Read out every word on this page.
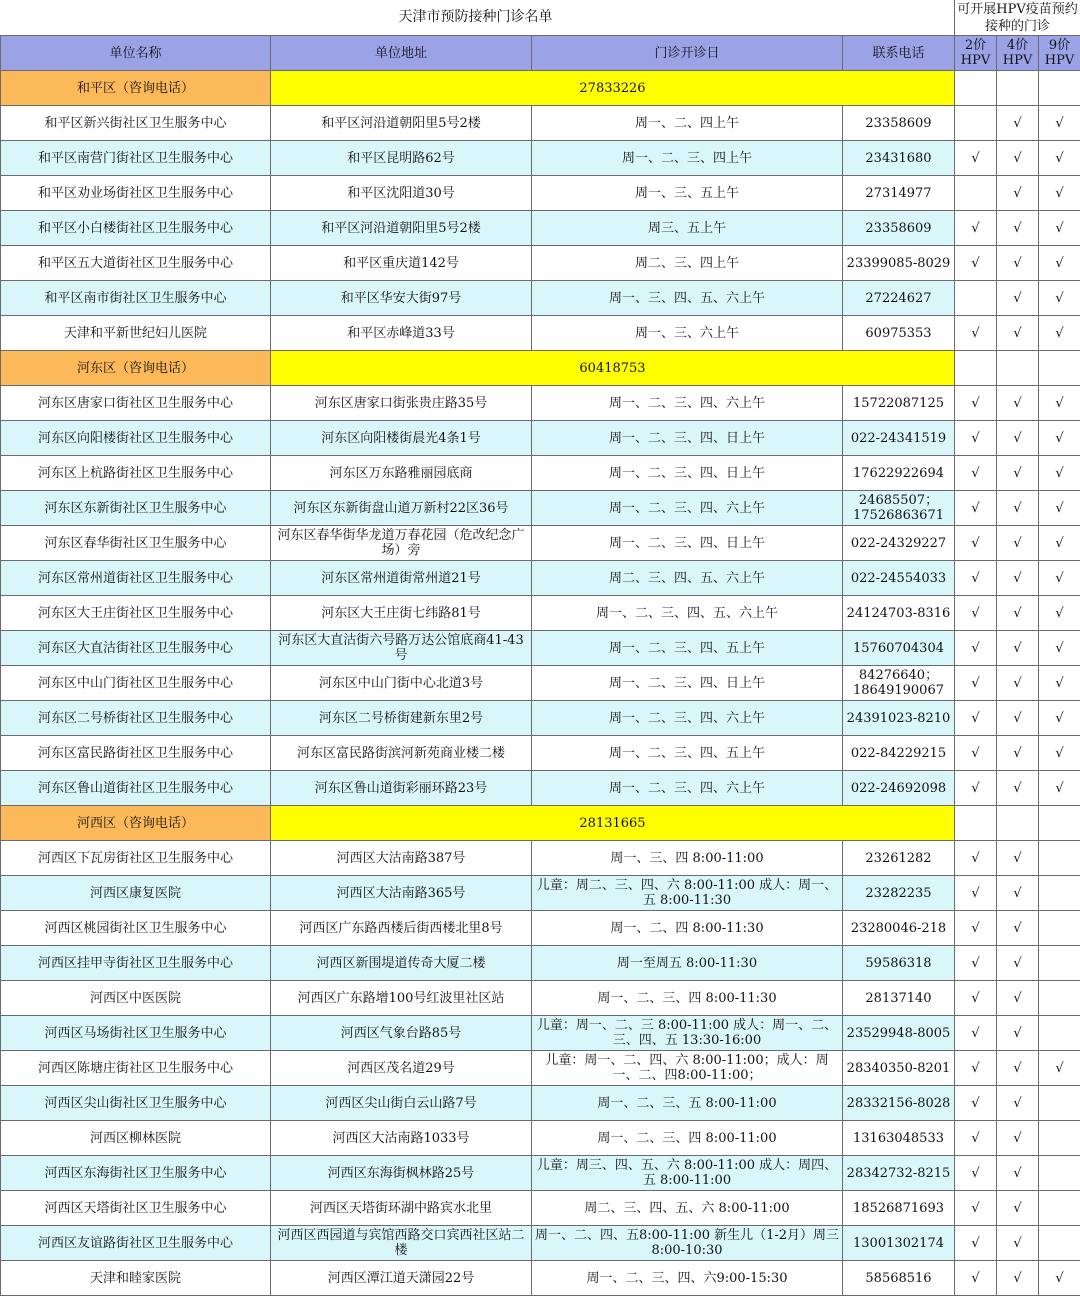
天津市预防接种门诊名单				可开展HPV疫苗预约接种的门诊		
单位名称	单位地址	门诊开诊日	联系电话	2价HPV	4价HPV	9价HPV
和平区（咨询电话）	27833226					
和平区新兴街社区卫生服务中心	和平区河沿道朝阳里5号2楼	周一、二、四上午	23358609		√	√
和平区南营门街社区卫生服务中心	和平区昆明路62号	周一、二、三、四上午	23431680	√	√	√
和平区劝业场街社区卫生服务中心	和平区沈阳道30号	周一、三、五上午	27314977		√	√
和平区小白楼街社区卫生服务中心	和平区河沿道朝阳里5号2楼	周三、五上午	23358609	√	√	√
和平区五大道街社区卫生服务中心	和平区重庆道142号	周二、三、四上午	23399085-8029	√	√	√
和平区南市街社区卫生服务中心	和平区华安大街97号	周一、三、四、五、六上午	27224627		√	√
天津和平新世纪妇儿医院	和平区赤峰道33号	周一、三、六上午	60975353	√	√	√
河东区（咨询电话）	60418753					
河东区唐家口街社区卫生服务中心	河东区唐家口街张贵庄路35号	周一、二、三、四、六上午	15722087125	√	√	√
河东区向阳楼街社区卫生服务中心	河东区向阳楼街晨光4条1号	周一、二、三、四、日上午	022-24341519	√	√	√
河东区上杭路街社区卫生服务中心	河东区万东路雅丽园底商	周一、二、三、四、日上午	17622922694	√	√	√
河东区东新街社区卫生服务中心	河东区东新街盘山道万新村22区36号	周一、二、三、四、六上午	24685507；17526863671	√	√	√
河东区春华街社区卫生服务中心	河东区春华街华龙道万春花园（危改纪念广场）旁	周一、二、三、四、日上午	022-24329227	√	√	√
河东区常州道街社区卫生服务中心	河东区常州道街常州道21号	周二、三、四、五、六上午	022-24554033	√	√	√
河东区大王庄街社区卫生服务中心	河东区大王庄街七纬路81号	周一、二、三、四、五、六上午	24124703-8316	√	√	√
河东区大直沽街社区卫生服务中心	河东区大直沽街六号路万达公馆底商41-43号	周一、二、三、四、五上午	15760704304	√	√	√
河东区中山门街社区卫生服务中心	河东区中山门街中心北道3号	周一、二、三、四、日上午	84276640；18649190067	√	√	√
河东区二号桥街社区卫生服务中心	河东区二号桥街建新东里2号	周一、二、三、四、六上午	24391023-8210	√	√	√
河东区富民路街社区卫生服务中心	河东区富民路街滨河新苑商业楼二楼	周一、二、三、四、五上午	022-84229215	√	√	√
河东区鲁山道街社区卫生服务中心	河东区鲁山道街彩丽环路23号	周一、二、三、四、六上午	022-24692098	√	√	√
河西区（咨询电话）	28131665					
河西区下瓦房街社区卫生服务中心	河西区大沽南路387号	周一、三、四 8:00-11:00	23261282	√	√	
河西区康复医院	河西区大沽南路365号	儿童：周二、三、四、六 8:00-11:00 成人：周一、五 8:00-11:30	23282235	√	√	
河西区桃园街社区卫生服务中心	河西区广东路西楼后街西楼北里8号	周一、二、四 8:00-11:30	23280046-218	√	√	
河西区挂甲寺街社区卫生服务中心	河西区新围堤道传奇大厦二楼	周一至周五 8:00-11:30	59586318	√	√	
河西区中医医院	河西区广东路增100号红波里社区站	周一、二、三、四 8:00-11:30	28137140	√	√	
河西区马场街社区卫生服务中心	河西区气象台路85号	儿童：周一、二、三 8:00-11:00 成人：周一、二、三、四、五 13:30-16:00	23529948-8005	√	√	
河西区陈塘庄街社区卫生服务中心	河西区茂名道29号	儿童：周一、二、四、六 8:00-11:00；成人：周一、二、四8:00-11:00；	28340350-8201	√	√	√
河西区尖山街社区卫生服务中心	河西区尖山街白云山路7号	周一、二、三、五 8:00-11:00	28332156-8028	√	√	
河西区柳林医院	河西区大沽南路1033号	周一、二、三、四 8:00-11:00	13163048533	√	√	
河西区东海街社区卫生服务中心	河西区东海街枫林路25号	儿童：周三、四、五、六 8:00-11:00 成人：周四、五 8:00-11:00	28342732-8215	√	√	
河西区天塔街社区卫生服务中心	河西区天塔街环湖中路宾水北里	周二、三、四、五、六 8:00-11:00	18526871693	√	√	
河西区友谊路街社区卫生服务中心	河西区西园道与宾馆西路交口宾西社区站二楼	周一、二、四、五8:00-11:00 新生儿（1-2月）周三8:00-10:30	13001302174	√	√	
天津和睦家医院	河西区潭江道天潇园22号	周一、二、三、四、六9:00-15:30	58568516	√	√	√
